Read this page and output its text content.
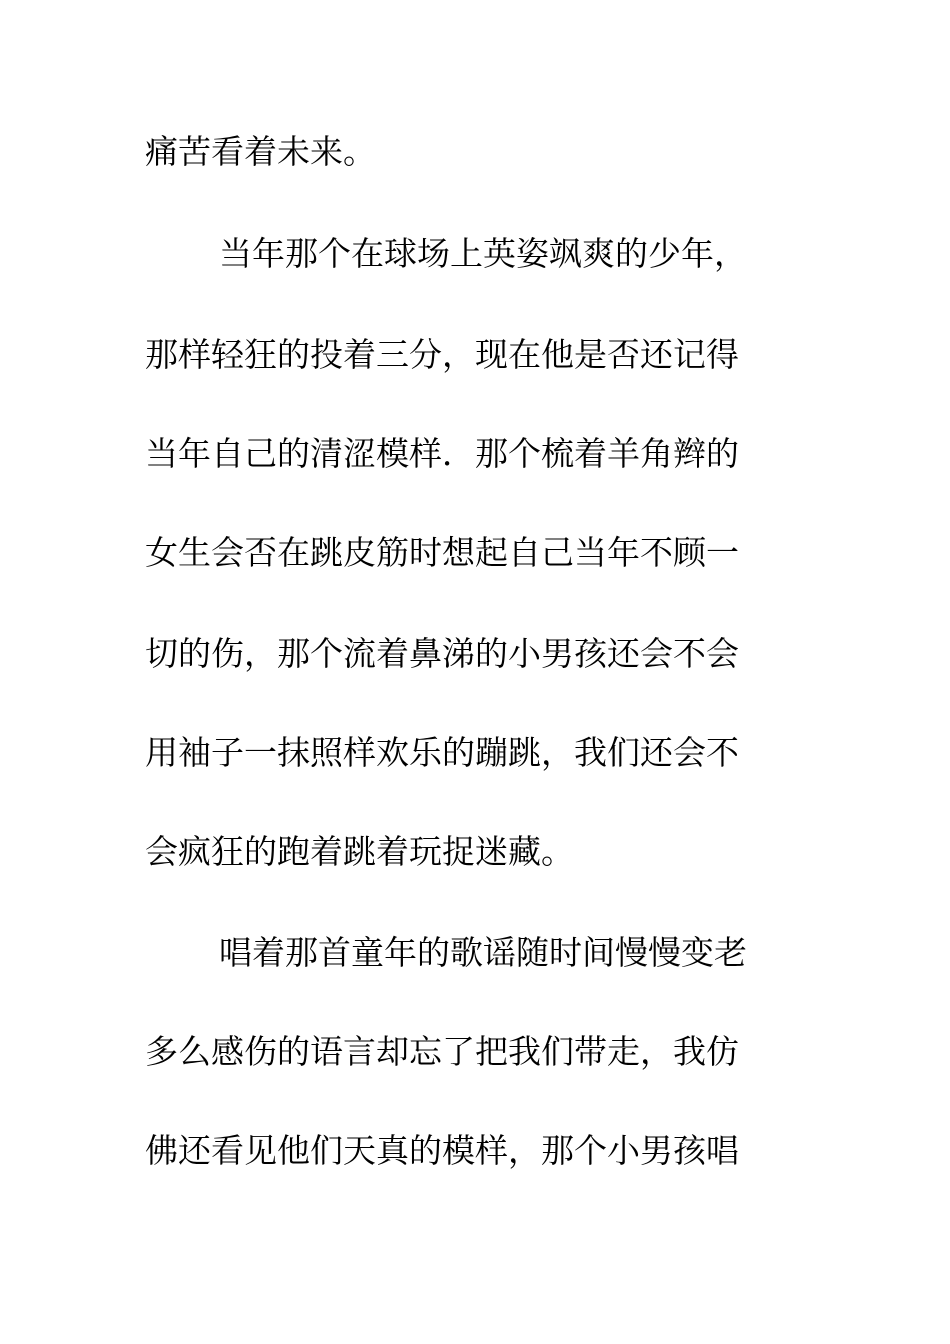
痛苦看着未来。
当年那个在球场上英姿飒爽的少年，
那样轻狂的投着三分，现在他是否还记得
当年自己的清涩模样．那个梳着羊角辫的
女生会否在跳皮筋时想起自己当年不顾一
切的伤，那个流着鼻涕的小男孩还会不会
用袖子一抹照样欢乐的蹦跳，我们还会不
会疯狂的跑着跳着玩捉迷藏。
唱着那首童年的歌谣随时间慢慢变老
多么感伤的语言却忘了把我们带走，我仿
佛还看见他们天真的模样，那个小男孩唱
